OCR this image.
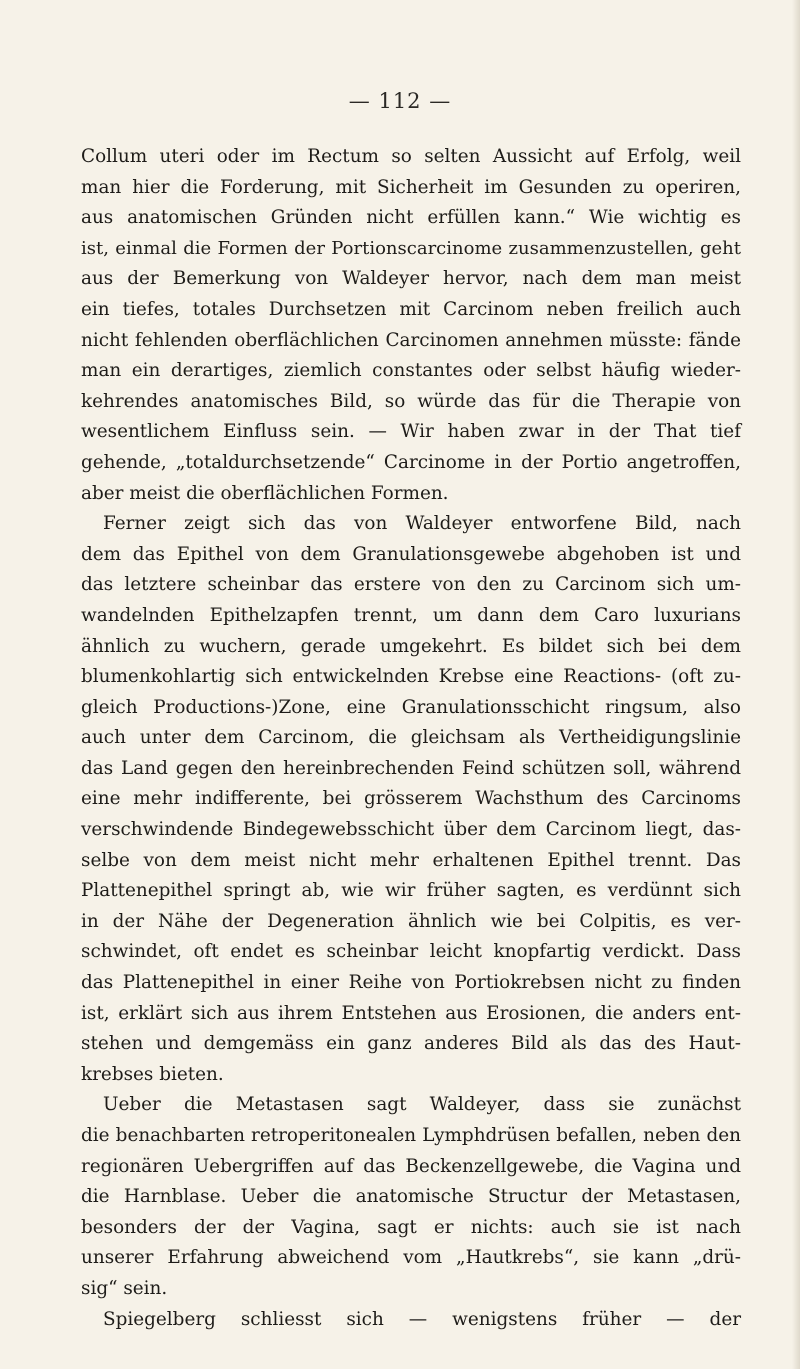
— 112 —
Collum uteri oder im Rectum so selten Aussicht auf Erfolg, weil
man hier die Forderung, mit Sicherheit im Gesunden zu operiren,
aus anatomischen Gründen nicht erfüllen kann.“ Wie wichtig es
ist, einmal die Formen der Portionscarcinome zusammenzustellen, geht
aus der Bemerkung von Waldeyer hervor, nach dem man meist
ein tiefes, totales Durchsetzen mit Carcinom neben freilich auch
nicht fehlenden oberflächlichen Carcinomen annehmen müsste: fände
man ein derartiges, ziemlich constantes oder selbst häufig wieder-
kehrendes anatomisches Bild, so würde das für die Therapie von
wesentlichem Einfluss sein. — Wir haben zwar in der That tief
gehende, „totaldurchsetzende“ Carcinome in der Portio angetroffen,
aber meist die oberflächlichen Formen.
Ferner zeigt sich das von Waldeyer entworfene Bild, nach
dem das Epithel von dem Granulationsgewebe abgehoben ist und
das letztere scheinbar das erstere von den zu Carcinom sich um-
wandelnden Epithelzapfen trennt, um dann dem Caro luxurians
ähnlich zu wuchern, gerade umgekehrt. Es bildet sich bei dem
blumenkohlartig sich entwickelnden Krebse eine Reactions- (oft zu-
gleich Productions-)Zone, eine Granulationsschicht ringsum, also
auch unter dem Carcinom, die gleichsam als Vertheidigungslinie
das Land gegen den hereinbrechenden Feind schützen soll, während
eine mehr indifferente, bei grösserem Wachsthum des Carcinoms
verschwindende Bindegewebsschicht über dem Carcinom liegt, das-
selbe von dem meist nicht mehr erhaltenen Epithel trennt. Das
Plattenepithel springt ab, wie wir früher sagten, es verdünnt sich
in der Nähe der Degeneration ähnlich wie bei Colpitis, es ver-
schwindet, oft endet es scheinbar leicht knopfartig verdickt. Dass
das Plattenepithel in einer Reihe von Portiokrebsen nicht zu finden
ist, erklärt sich aus ihrem Entstehen aus Erosionen, die anders ent-
stehen und demgemäss ein ganz anderes Bild als das des Haut-
krebses bieten.
Ueber die Metastasen sagt Waldeyer, dass sie zunächst
die benachbarten retroperitonealen Lymphdrüsen befallen, neben den
regionären Uebergriffen auf das Beckenzellgewebe, die Vagina und
die Harnblase. Ueber die anatomische Structur der Metastasen,
besonders der der Vagina, sagt er nichts: auch sie ist nach
unserer Erfahrung abweichend vom „Hautkrebs“, sie kann „drü-
sig“ sein.
Spiegelberg schliesst sich — wenigstens früher — der
